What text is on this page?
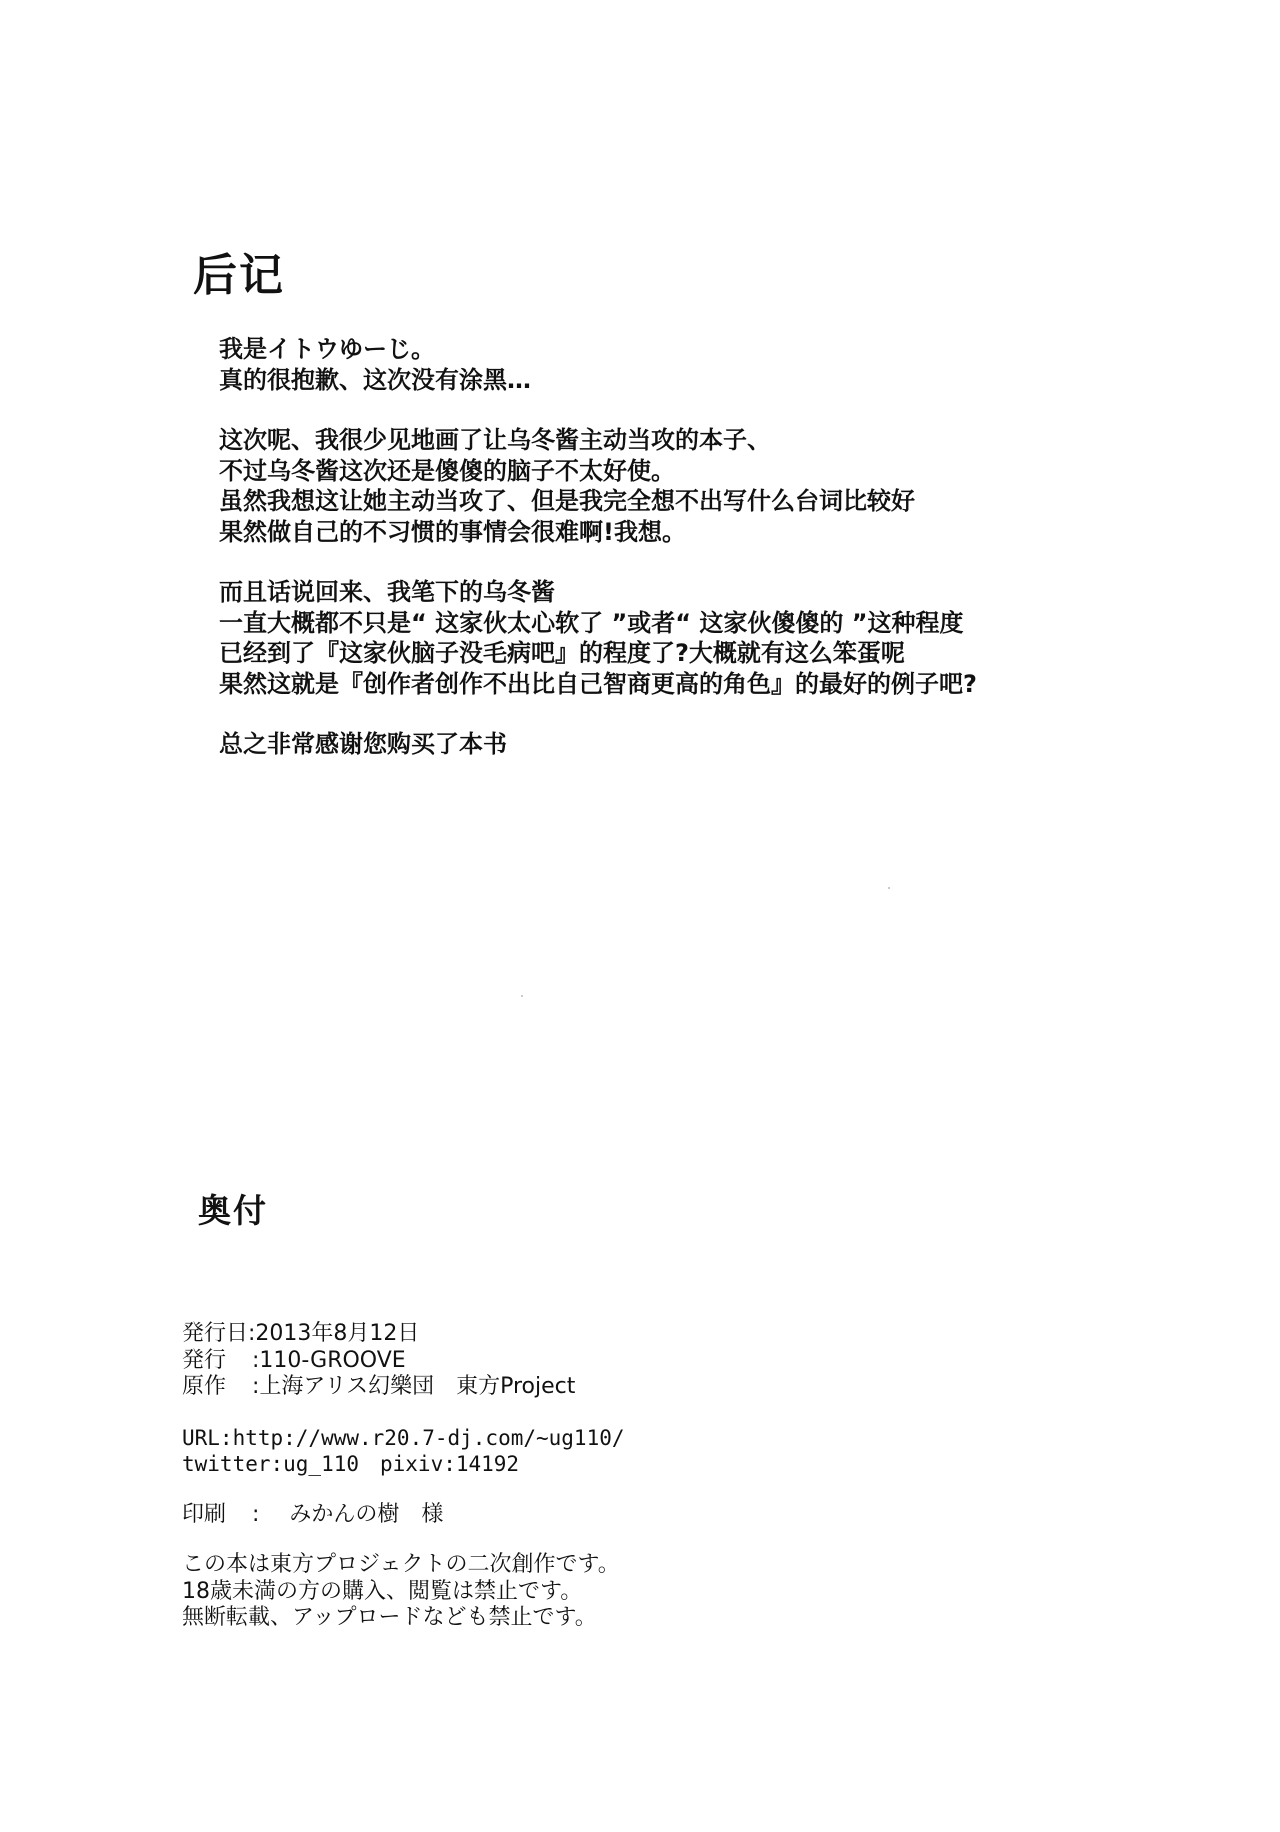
后记
我是イトウゆーじ。
真的很抱歉、这次没有涂黑…
这次呢、我很少见地画了让乌冬酱主动当攻的本子、
不过乌冬酱这次还是傻傻的脑子不太好使。
虽然我想这让她主动当攻了、但是我完全想不出写什么台词比较好
果然做自己的不习惯的事情会很难啊!我想。
而且话说回来、我笔下的乌冬酱
一直大概都不只是“ 这家伙太心软了 ”或者“ 这家伙傻傻的 ”这种程度
已经到了『这家伙脑子没毛病吧』的程度了?大概就有这么笨蛋呢
果然这就是『创作者创作不出比自己智商更高的角色』的最好的例子吧?
总之非常感谢您购买了本书
奥付
発行日:2013年8月12日
発行 :110-GROOVE
原作 :上海アリス幻樂団　東方Project
URL:http://www.r20.7-dj.com/~ug110/
twitter:ug_110　pixiv:14192
印刷 : みかんの樹　様
この本は東方プロジェクトの二次創作です。
18歳未満の方の購入、閲覧は禁止です。
無断転載、アップロードなども禁止です。
